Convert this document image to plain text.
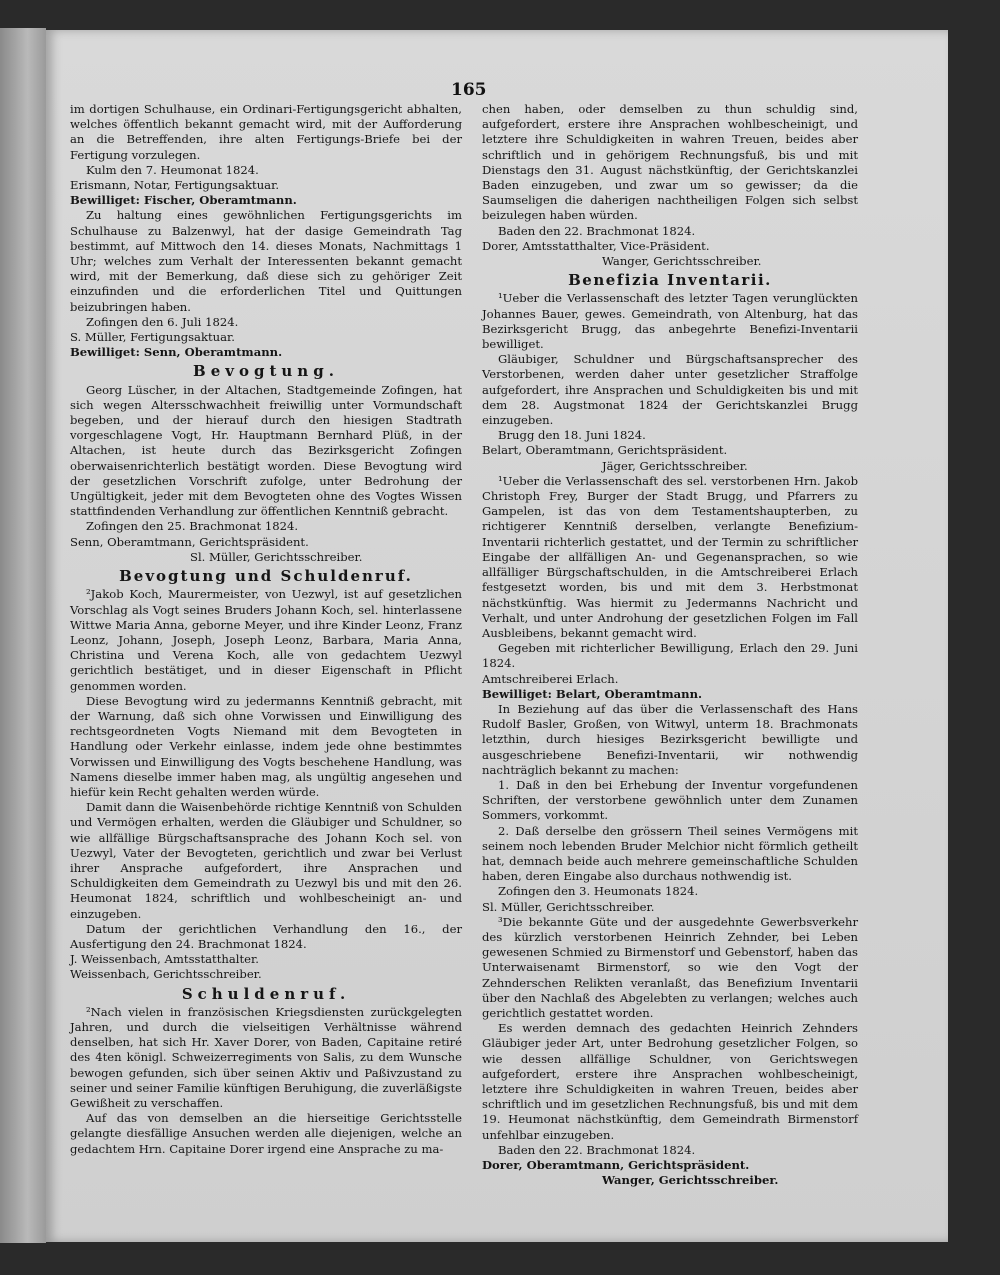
165

im dortigen Schulhause, ein Ordinari-Fertigungsgericht abhalten, welches öffentlich bekannt gemacht wird, mit der Aufforderung an die Betreffenden, ihre alten Fertigungs-Briefe bei der Fertigung vorzulegen.

Kulm den 7. Heumonat 1824.

Erismann, Notar, Fertigungsaktuar.

Bewilliget: Fischer, Oberamtmann.

Zu haltung eines gewöhnlichen Fertigungsgerichts im Schulhause zu Balzenwyl, hat der dasige Gemeindrath Tag bestimmt, auf Mittwoch den 14. dieses Monats, Nachmittags 1 Uhr; welches zum Verhalt der Interessenten bekannt gemacht wird, mit der Bemerkung, daß diese sich zu gehöriger Zeit einzufinden und die erforderlichen Titel und Quittungen beizubringen haben.

Zofingen den 6. Juli 1824.

S. Müller, Fertigungsaktuar.

Bewilliget: Senn, Oberamtmann.

Bevogtung.

Georg Lüscher, in der Altachen, Stadtgemeinde Zofingen, hat sich wegen Altersschwachheit freiwillig unter Vormundschaft begeben, und der hierauf durch den hiesigen Stadtrath vorgeschlagene Vogt, Hr. Hauptmann Bernhard Plüß, in der Altachen, ist heute durch das Bezirksgericht Zofingen oberwaisenrichterlich bestätigt worden. Diese Bevogtung wird der gesetzlichen Vorschrift zufolge, unter Bedrohung der Ungültigkeit, jeder mit dem Bevogteten ohne des Vogtes Wissen stattfindenden Verhandlung zur öffentlichen Kenntniß gebracht.

Zofingen den 25. Brachmonat 1824.

Senn, Oberamtmann, Gerichtspräsident.

Sl. Müller, Gerichtsschreiber.

Bevogtung und Schuldenruf.

²Jakob Koch, Maurermeister, von Uezwyl, ist auf gesetzlichen Vorschlag als Vogt seines Bruders Johann Koch, sel. hinterlassene Wittwe Maria Anna, geborne Meyer, und ihre Kinder Leonz, Franz Leonz, Johann, Joseph, Joseph Leonz, Barbara, Maria Anna, Christina und Verena Koch, alle von gedachtem Uezwyl gerichtlich bestätiget, und in dieser Eigenschaft in Pflicht genommen worden.

Diese Bevogtung wird zu jedermanns Kenntniß gebracht, mit der Warnung, daß sich ohne Vorwissen und Einwilligung des rechtsgeordneten Vogts Niemand mit dem Bevogteten in Handlung oder Verkehr einlasse, indem jede ohne bestimmtes Vorwissen und Einwilligung des Vogts beschehene Handlung, was Namens dieselbe immer haben mag, als ungültig angesehen und hiefür kein Recht gehalten werden würde.

Damit dann die Waisenbehörde richtige Kenntniß von Schulden und Vermögen erhalten, werden die Gläubiger und Schuldner, so wie allfällige Bürgschaftsansprache des Johann Koch sel. von Uezwyl, Vater der Bevogteten, gerichtlich und zwar bei Verlust ihrer Ansprache aufgefordert, ihre Ansprachen und Schuldigkeiten dem Gemeindrath zu Uezwyl bis und mit den 26. Heumonat 1824, schriftlich und wohlbescheinigt an- und einzugeben.

Datum der gerichtlichen Verhandlung den 16., der Ausfertigung den 24. Brachmonat 1824.

J. Weissenbach, Amtsstatthalter.

Weissenbach, Gerichtsschreiber.

Schuldenruf.

²Nach vielen in französischen Kriegsdiensten zurückgelegten Jahren, und durch die vielseitigen Verhältnisse während denselben, hat sich Hr. Xaver Dorer, von Baden, Capitaine retiré des 4ten königl. Schweizerregiments von Salis, zu dem Wunsche bewogen gefunden, sich über seinen Aktiv und Paßivzustand zu seiner und seiner Familie künftigen Beruhigung, die zuverläßigste Gewißheit zu verschaffen.

Auf das von demselben an die hierseitige Gerichtsstelle gelangte diesfällige Ansuchen werden alle diejenigen, welche an gedachtem Hrn. Capitaine Dorer irgend eine Ansprache zu ma-

chen haben, oder demselben zu thun schuldig sind, aufgefordert, erstere ihre Ansprachen wohlbescheinigt, und letztere ihre Schuldigkeiten in wahren Treuen, beides aber schriftlich und in gehörigem Rechnungsfuß, bis und mit Dienstags den 31. August nächstkünftig, der Gerichtskanzlei Baden einzugeben, und zwar um so gewisser; da die Saumseligen die daherigen nachtheiligen Folgen sich selbst beizulegen haben würden.

Baden den 22. Brachmonat 1824.

Dorer, Amtsstatthalter, Vice-Präsident.

Wanger, Gerichtsschreiber.

Benefizia Inventarii.

¹Ueber die Verlassenschaft des letzter Tagen verunglückten Johannes Bauer, gewes. Gemeindrath, von Altenburg, hat das Bezirksgericht Brugg, das anbegehrte Benefizi-Inventarii bewilliget.

Gläubiger, Schuldner und Bürgschaftsansprecher des Verstorbenen, werden daher unter gesetzlicher Straffolge aufgefordert, ihre Ansprachen und Schuldigkeiten bis und mit dem 28. Augstmonat 1824 der Gerichtskanzlei Brugg einzugeben.

Brugg den 18. Juni 1824.

Belart, Oberamtmann, Gerichtspräsident.

Jäger, Gerichtsschreiber.

¹Ueber die Verlassenschaft des sel. verstorbenen Hrn. Jakob Christoph Frey, Burger der Stadt Brugg, und Pfarrers zu Gampelen, ist das von dem Testamentshaupterben, zu richtigerer Kenntniß derselben, verlangte Benefizium-Inventarii richterlich gestattet, und der Termin zu schriftlicher Eingabe der allfälligen An- und Gegenansprachen, so wie allfälliger Bürgschaftschulden, in die Amtschreiberei Erlach festgesetzt worden, bis und mit dem 3. Herbstmonat nächstkünftig. Was hiermit zu Jedermanns Nachricht und Verhalt, und unter Androhung der gesetzlichen Folgen im Fall Ausbleibens, bekannt gemacht wird.

Gegeben mit richterlicher Bewilligung, Erlach den 29. Juni 1824.

Amtschreiberei Erlach.

Bewilliget: Belart, Oberamtmann.

In Beziehung auf das über die Verlassenschaft des Hans Rudolf Basler, Großen, von Witwyl, unterm 18. Brachmonats letzthin, durch hiesiges Bezirksgericht bewilligte und ausgeschriebene Benefizi-Inventarii, wir nothwendig nachträglich bekannt zu machen:

1. Daß in den bei Erhebung der Inventur vorgefundenen Schriften, der verstorbene gewöhnlich unter dem Zunamen Sommers, vorkommt.

2. Daß derselbe den grössern Theil seines Vermögens mit seinem noch lebenden Bruder Melchior nicht förmlich getheilt hat, demnach beide auch mehrere gemeinschaftliche Schulden haben, deren Eingabe also durchaus nothwendig ist.

Zofingen den 3. Heumonats 1824.

Sl. Müller, Gerichtsschreiber.

³Die bekannte Güte und der ausgedehnte Gewerbsverkehr des kürzlich verstorbenen Heinrich Zehnder, bei Leben gewesenen Schmied zu Birmenstorf und Gebenstorf, haben das Unterwaisenamt Birmenstorf, so wie den Vogt der Zehnderschen Relikten veranlaßt, das Benefizium Inventarii über den Nachlaß des Abgelebten zu verlangen; welches auch gerichtlich gestattet worden.

Es werden demnach des gedachten Heinrich Zehnders Gläubiger jeder Art, unter Bedrohung gesetzlicher Folgen, so wie dessen allfällige Schuldner, von Gerichtswegen aufgefordert, erstere ihre Ansprachen wohlbescheinigt, letztere ihre Schuldigkeiten in wahren Treuen, beides aber schriftlich und im gesetzlichen Rechnungsfuß, bis und mit dem 19. Heumonat nächstkünftig, dem Gemeindrath Birmenstorf unfehlbar einzugeben.

Baden den 22. Brachmonat 1824.

Dorer, Oberamtmann, Gerichtspräsident.

Wanger, Gerichtsschreiber.
